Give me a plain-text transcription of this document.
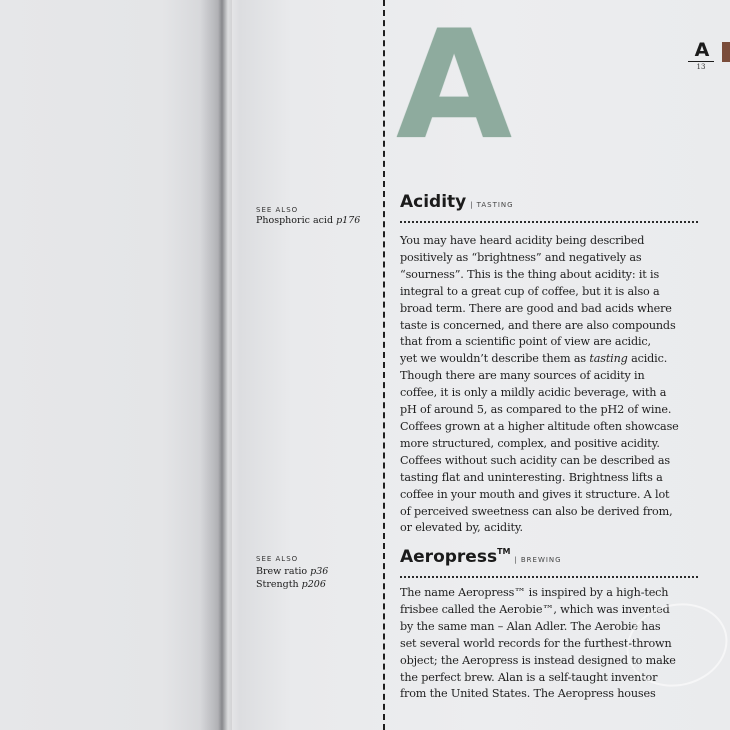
A	A
13
SEE ALSO
Phosphoric acid p176
Acidity | TASTING
You may have heard acidity being described
positively as “brightness” and negatively as
“sourness”. This is the thing about acidity: it is
integral to a great cup of coffee, but it is also a
broad term. There are good and bad acids where
taste is concerned, and there are also compounds
that from a scientific point of view are acidic,
yet we wouldn’t describe them as tasting acidic.
Though there are many sources of acidity in
coffee, it is only a mildly acidic beverage, with a
pH of around 5, as compared to the pH2 of wine.
Coffees grown at a higher altitude often showcase
more structured, complex, and positive acidity.
Coffees without such acidity can be described as
tasting flat and uninteresting. Brightness lifts a
coffee in your mouth and gives it structure. A lot
of perceived sweetness can also be derived from,
or elevated by, acidity.
SEE ALSO
Brew ratio p36
Strength p206
Aeropress™| BREWING
The name Aeropress™ is inspired by a high-tech
frisbee called the Aerobie™, which was invented
by the same man – Alan Adler. The Aerobie has
set several world records for the furthest-thrown
object; the Aeropress is instead designed to make
the perfect brew. Alan is a self-taught inventor
from the United States. The Aeropress houses
